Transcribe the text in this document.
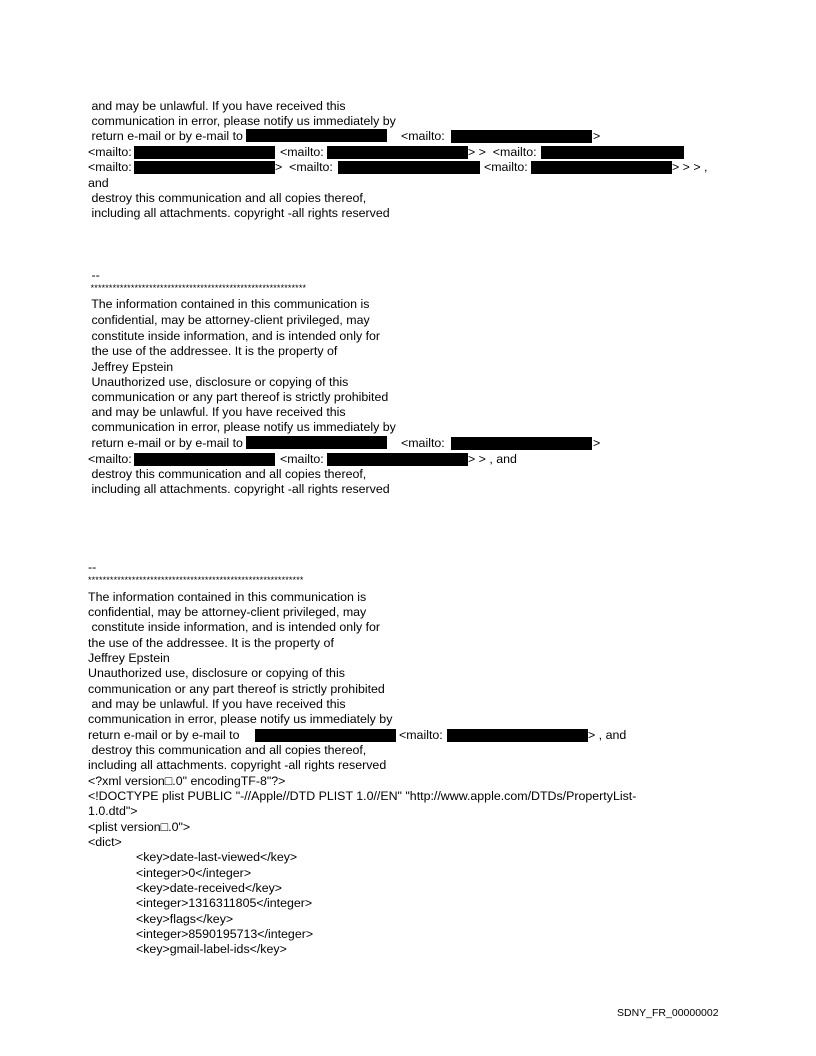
and may be unlawful. If you have received this
communication in error, please notify us immediately by
return e-mail or by e-mail to	<mailto:	>
<mailto:	<mailto:	> >  <mailto:
<mailto:	>  <mailto:	<mailto:	> > > ,
and
destroy this communication and all copies thereof,
including all attachments. copyright -all rights reserved
--
***********************************************************
The information contained in this communication is
confidential, may be attorney-client privileged, may
constitute inside information, and is intended only for
the use of the addressee. It is the property of
Jeffrey Epstein
Unauthorized use, disclosure or copying of this
communication or any part thereof is strictly prohibited
and may be unlawful. If you have received this
communication in error, please notify us immediately by
return e-mail or by e-mail to	<mailto:	>
<mailto:	<mailto:	> > , and
destroy this communication and all copies thereof,
including all attachments. copyright -all rights reserved
--
***********************************************************
The information contained in this communication is
confidential, may be attorney-client privileged, may
constitute inside information, and is intended only for
the use of the addressee. It is the property of
Jeffrey Epstein
Unauthorized use, disclosure or copying of this
communication or any part thereof is strictly prohibited
and may be unlawful. If you have received this
communication in error, please notify us immediately by
return e-mail or by e-mail to	<mailto:	> , and
destroy this communication and all copies thereof,
including all attachments. copyright -all rights reserved
<?xml version□.0" encodingTF-8"?>
<!DOCTYPE plist PUBLIC "-//Apple//DTD PLIST 1.0//EN" "http://www.apple.com/DTDs/PropertyList-
1.0.dtd">
<plist version□.0">
<dict>
<key>date-last-viewed</key>
<integer>0</integer>
<key>date-received</key>
<integer>1316311805</integer>
<key>flags</key>
<integer>8590195713</integer>
<key>gmail-label-ids</key>
SDNY_FR_00000002
